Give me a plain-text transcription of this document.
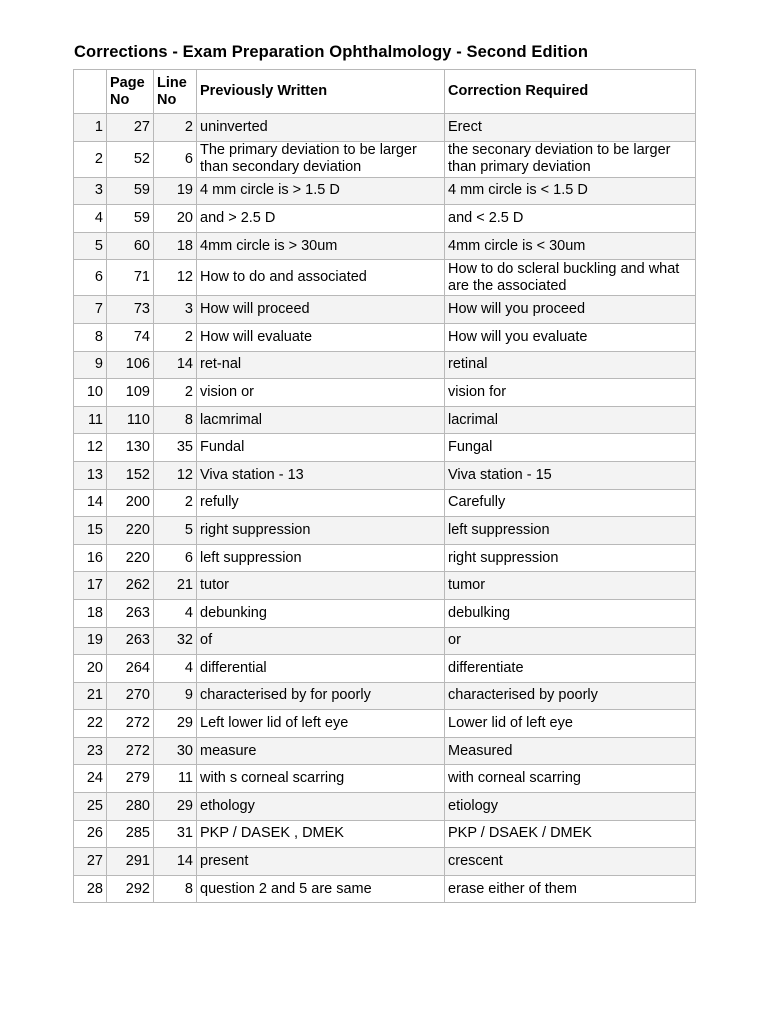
Corrections - Exam Preparation Ophthalmology - Second Edition
	Page No	Line No	Previously Written	Correction Required
1	27	2	uninverted	Erect
2	52	6	The primary deviation to be larger than secondary deviation	the seconary deviation to be larger than primary deviation
3	59	19	4 mm circle is > 1.5 D	4 mm circle is < 1.5 D
4	59	20	and > 2.5 D	and < 2.5 D
5	60	18	4mm circle is > 30um	4mm circle is < 30um
6	71	12	How to do and associated	How to do scleral buckling and what are the associated
7	73	3	How will proceed	How will you proceed
8	74	2	How will evaluate	How will you evaluate
9	106	14	ret-nal	retinal
10	109	2	vision or	vision for
11	110	8	lacmrimal	lacrimal
12	130	35	Fundal	Fungal
13	152	12	Viva station - 13	Viva station - 15
14	200	2	refully	Carefully
15	220	5	right suppression	left suppression
16	220	6	left suppression	right suppression
17	262	21	tutor	tumor
18	263	4	debunking	debulking
19	263	32	of	or
20	264	4	differential	differentiate
21	270	9	characterised by for poorly	characterised by poorly
22	272	29	Left lower lid of left eye	Lower lid of left eye
23	272	30	measure	Measured
24	279	11	with s corneal scarring	with corneal scarring
25	280	29	ethology	etiology
26	285	31	PKP / DASEK , DMEK	PKP / DSAEK / DMEK
27	291	14	present	crescent
28	292	8	question 2 and 5 are same	erase either of them
